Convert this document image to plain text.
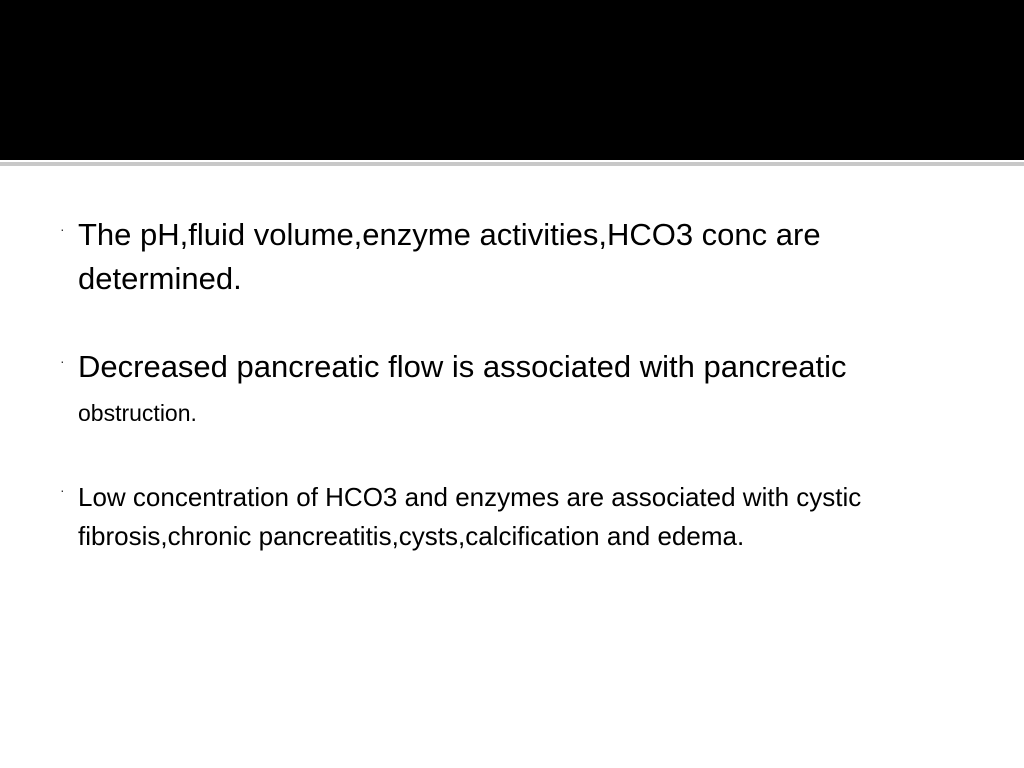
· The pH,fluid volume,enzyme activities,HCO3 conc are determined.
· Decreased pancreatic flow is associated with pancreatic obstruction.
· Low concentration of HCO3 and enzymes are associated with cystic fibrosis,chronic pancreatitis,cysts,calcification and edema.
